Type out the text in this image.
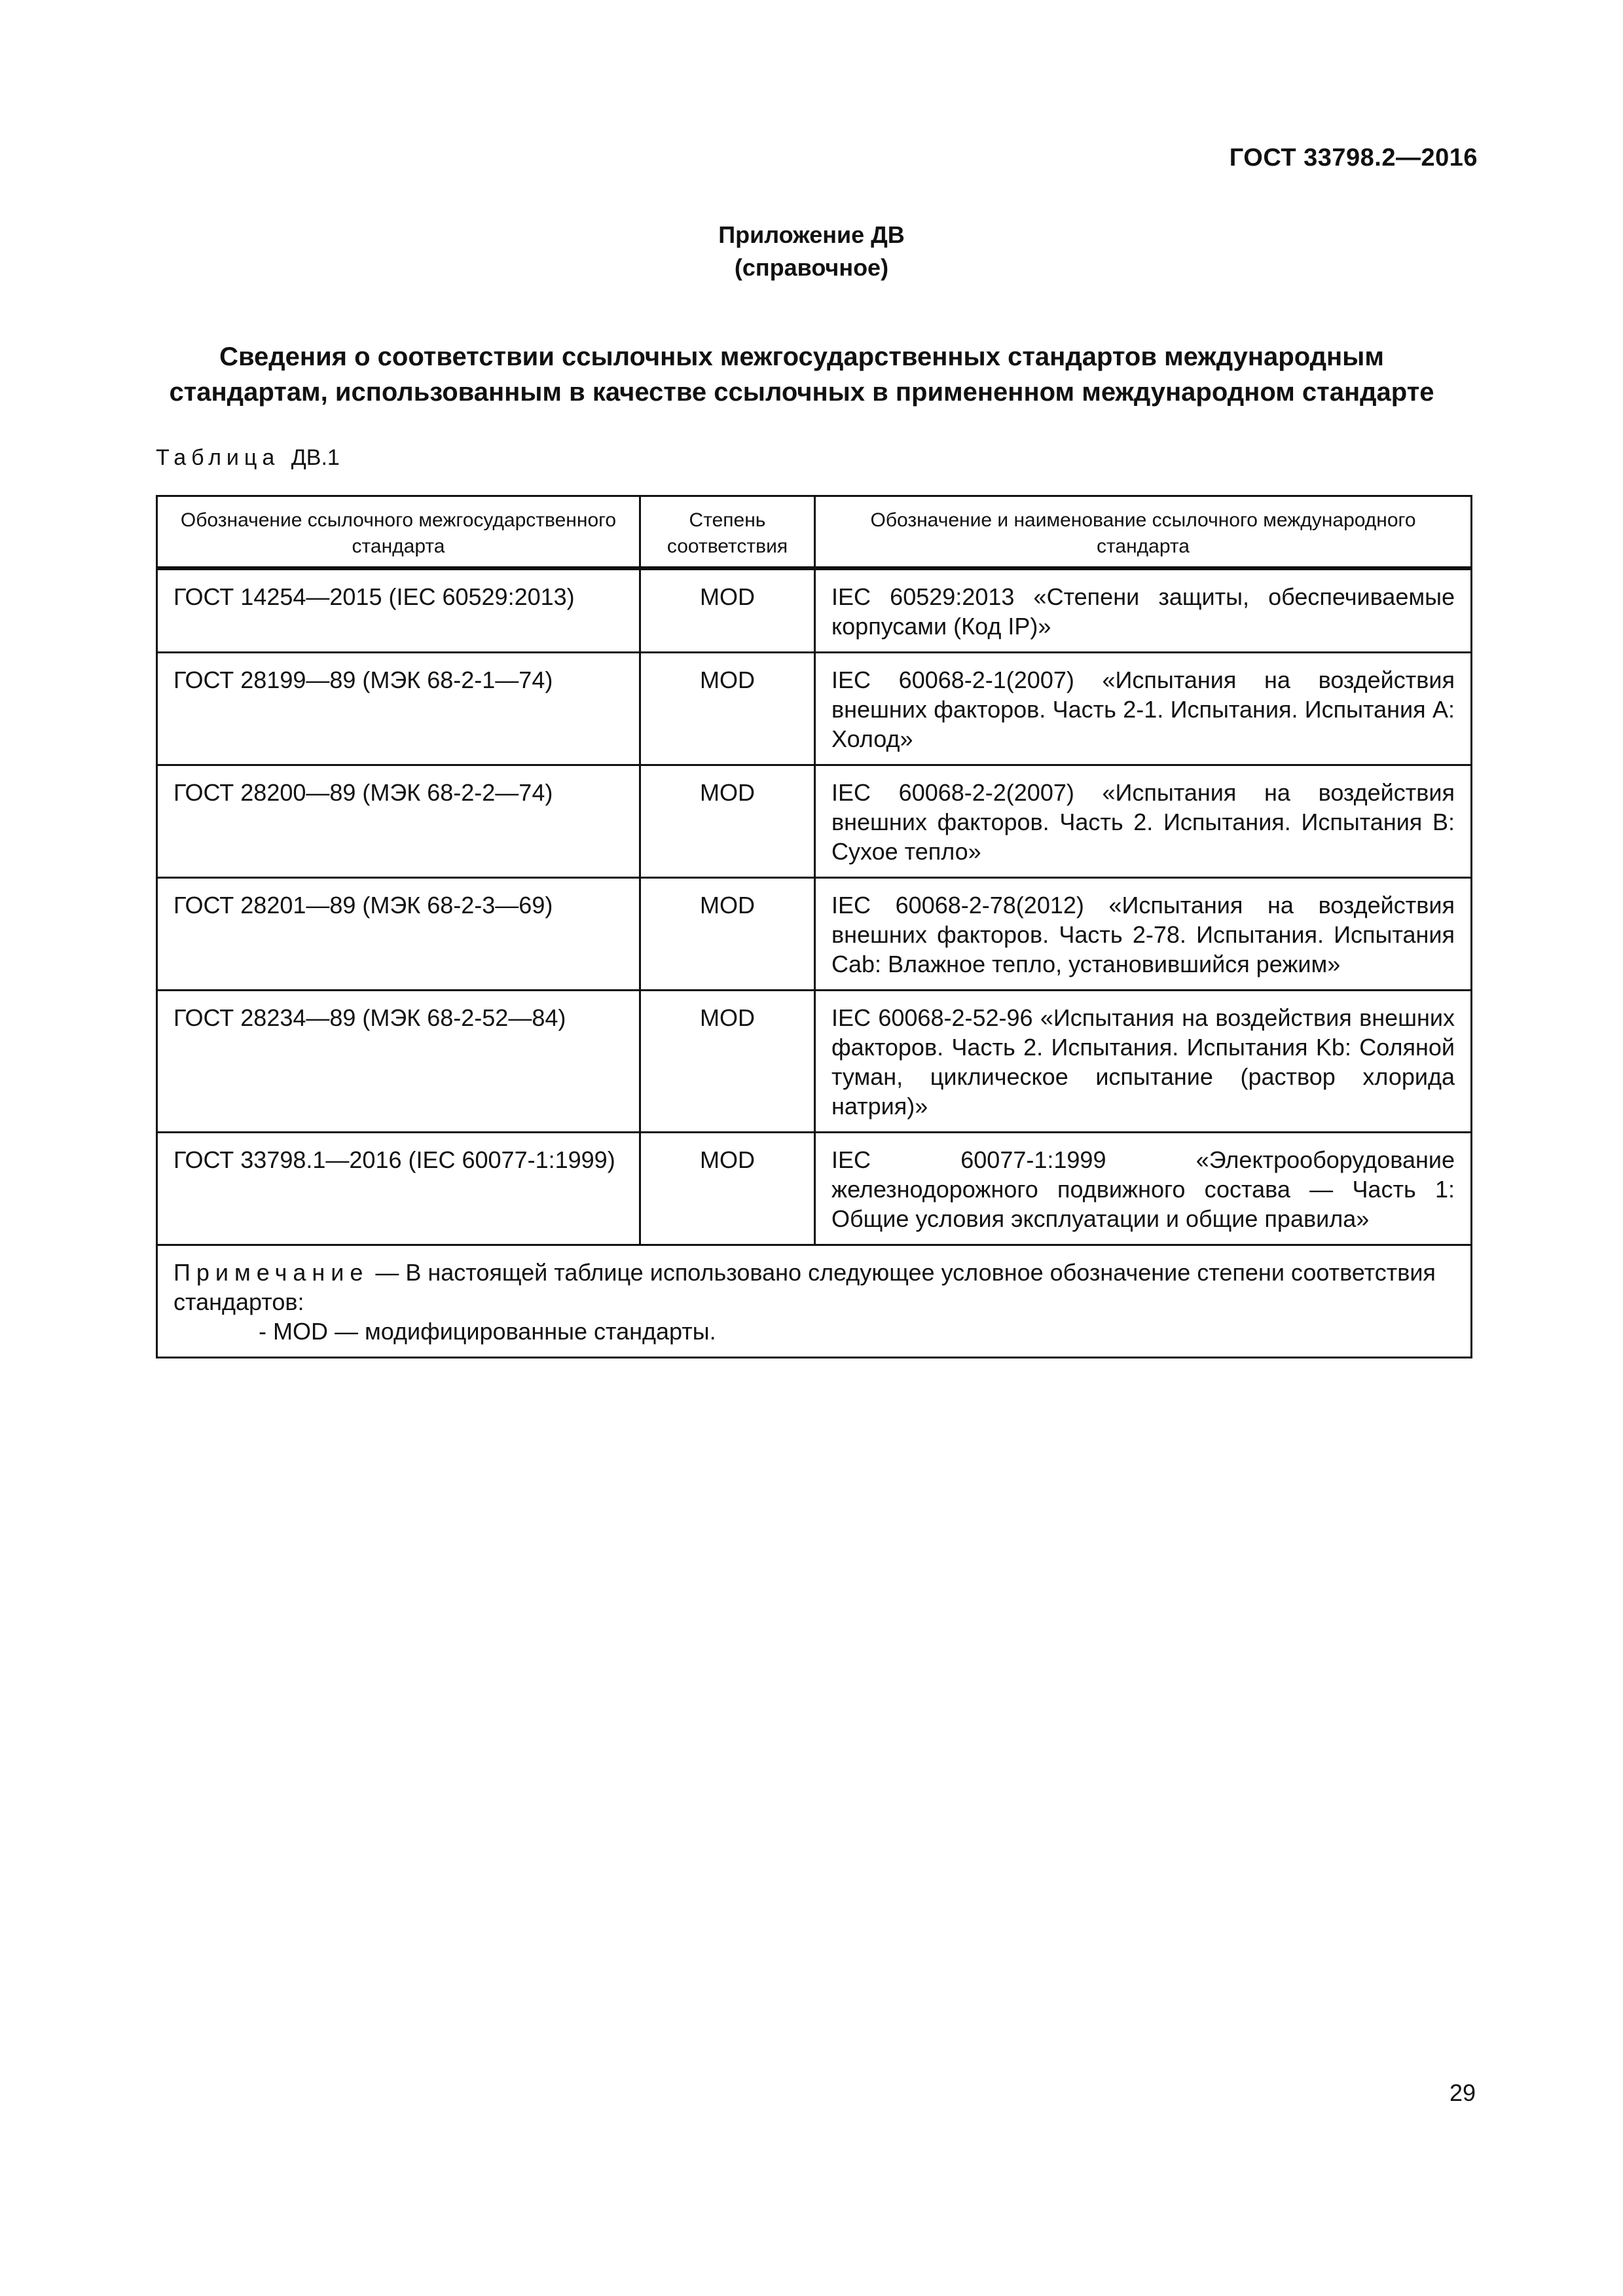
ГОСТ 33798.2—2016
Приложение ДВ
(справочное)
Сведения о соответствии ссылочных межгосударственных стандартов международным
стандартам, использованным в качестве ссылочных в примененном международном стандарте
Таблица ДВ.1
Обозначение ссылочного межгосударственного стандарта	Степень соответствия	Обозначение и наименование ссылочного международного стандарта
ГОСТ 14254—2015 (IEC 60529:2013)	MOD	IEC 60529:2013 «Степени защиты, обеспечиваемые корпусами (Код IP)»
ГОСТ 28199—89 (МЭК 68-2-1—74)	MOD	IEC 60068-2-1(2007) «Испытания на воздействия внешних факторов. Часть 2-1. Испытания. Испытания А: Холод»
ГОСТ 28200—89 (МЭК 68-2-2—74)	MOD	IEC 60068-2-2(2007) «Испытания на воздействия внешних факторов. Часть 2. Испытания. Испытания В: Сухое тепло»
ГОСТ 28201—89 (МЭК 68-2-3—69)	MOD	IEC 60068-2-78(2012) «Испытания на воздействия внешних факторов. Часть 2-78. Испытания. Испытания Cab: Влажное тепло, установившийся режим»
ГОСТ 28234—89 (МЭК 68-2-52—84)	MOD	IEC 60068-2-52-96 «Испытания на воздействия внешних факторов. Часть 2. Испытания. Испытания Kb: Соляной туман, циклическое испытание (раствор хлорида натрия)»
ГОСТ 33798.1—2016 (IEC 60077-1:1999)	MOD	IEC 60077-1:1999 «Электрооборудование железнодорожного подвижного состава — Часть 1: Общие условия эксплуатации и общие правила»
Примечание — В настоящей таблице использовано следующее условное обозначение степени соответствия стандартов:
- MOD — модифицированные стандарты.		
29
